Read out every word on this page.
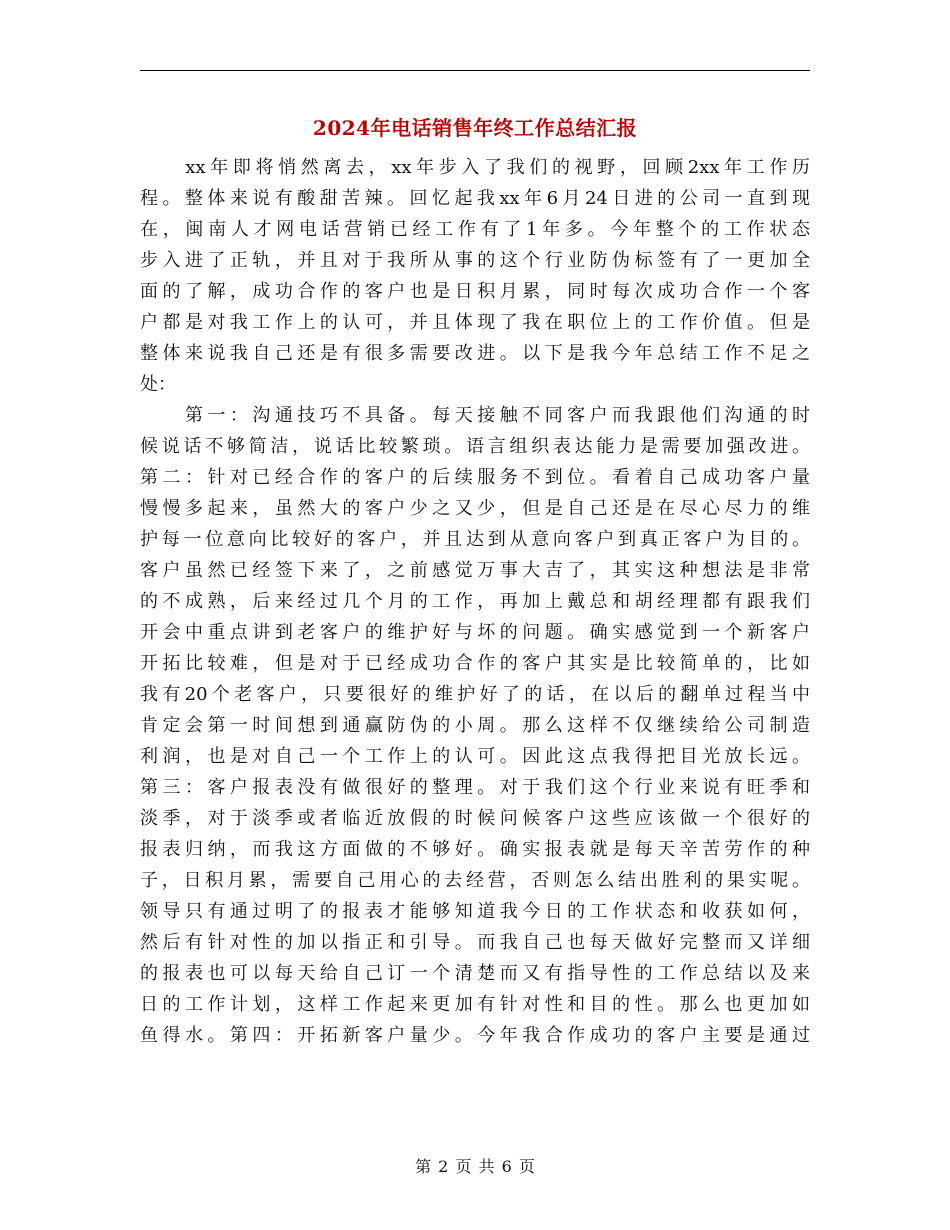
2024年电话销售年终工作总结汇报
　　xx年即将悄然离去，xx年步入了我们的视野，回顾2xx年工作历
程。整体来说有酸甜苦辣。回忆起我xx年6月24日进的公司一直到现
在，闽南人才网电话营销已经工作有了1年多。今年整个的工作状态
步入进了正轨，并且对于我所从事的这个行业防伪标签有了一更加全
面的了解，成功合作的客户也是日积月累，同时每次成功合作一个客
户都是对我工作上的认可，并且体现了我在职位上的工作价值。但是
整体来说我自己还是有很多需要改进。以下是我今年总结工作不足之
处：
　　第一：沟通技巧不具备。每天接触不同客户而我跟他们沟通的时
候说话不够简洁，说话比较繁琐。语言组织表达能力是需要加强改进。
第二：针对已经合作的客户的后续服务不到位。看着自己成功客户量
慢慢多起来，虽然大的客户少之又少，但是自己还是在尽心尽力的维
护每一位意向比较好的客户，并且达到从意向客户到真正客户为目的。
客户虽然已经签下来了，之前感觉万事大吉了，其实这种想法是非常
的不成熟，后来经过几个月的工作，再加上戴总和胡经理都有跟我们
开会中重点讲到老客户的维护好与坏的问题。确实感觉到一个新客户
开拓比较难，但是对于已经成功合作的客户其实是比较简单的，比如
我有20个老客户，只要很好的维护好了的话，在以后的翻单过程当中
肯定会第一时间想到通赢防伪的小周。那么这样不仅继续给公司制造
利润，也是对自己一个工作上的认可。因此这点我得把目光放长远。
第三：客户报表没有做很好的整理。对于我们这个行业来说有旺季和
淡季，对于淡季或者临近放假的时候问候客户这些应该做一个很好的
报表归纳，而我这方面做的不够好。确实报表就是每天辛苦劳作的种
子，日积月累，需要自己用心的去经营，否则怎么结出胜利的果实呢。
领导只有通过明了的报表才能够知道我今日的工作状态和收获如何，
然后有针对性的加以指正和引导。而我自己也每天做好完整而又详细
的报表也可以每天给自己订一个清楚而又有指导性的工作总结以及来
日的工作计划，这样工作起来更加有针对性和目的性。那么也更加如
鱼得水。第四：开拓新客户量少。今年我合作成功的客户主要是通过
第 2 页 共 6 页
